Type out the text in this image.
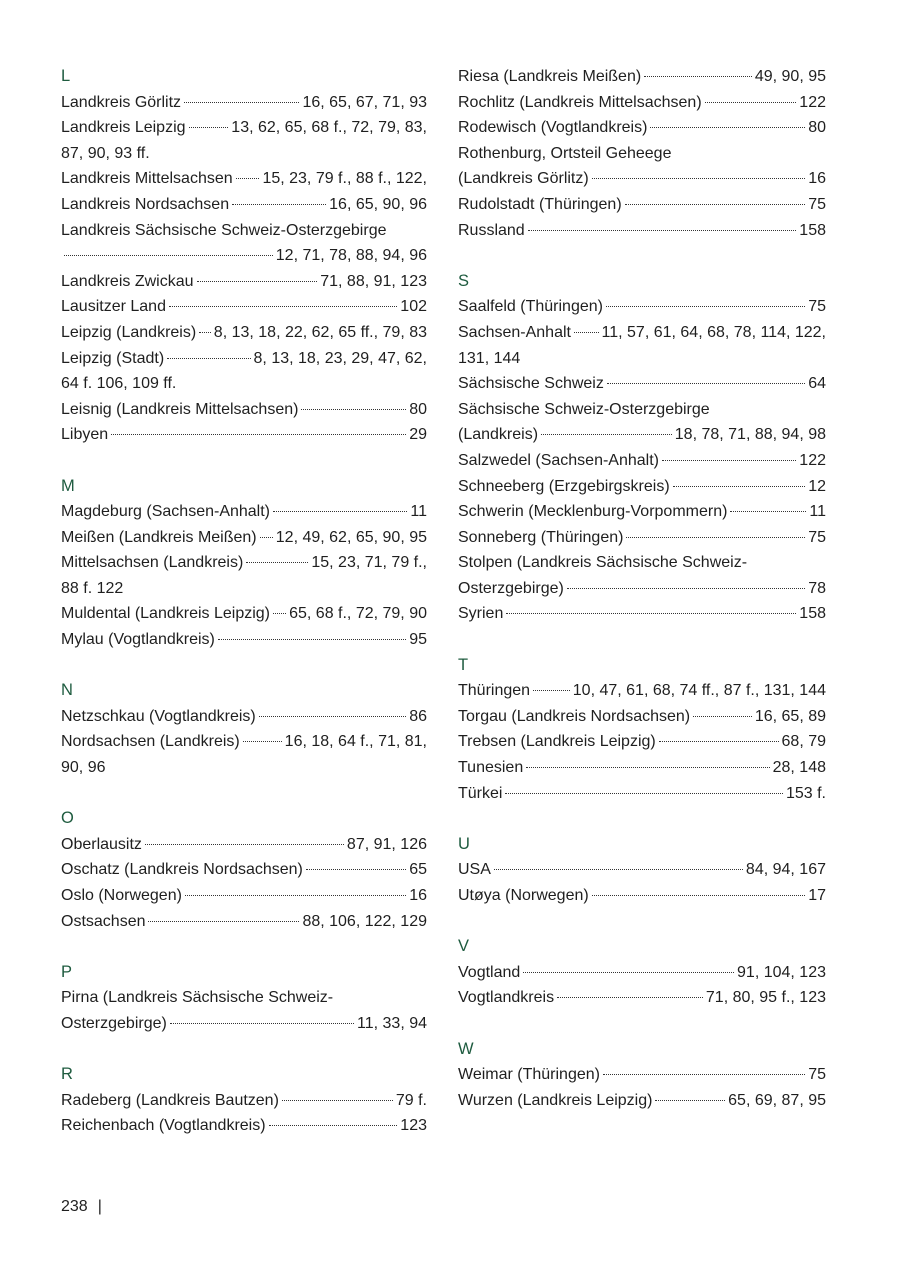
L
Landkreis Görlitz	16, 65, 67, 71, 93
Landkreis Leipzig	13, 62, 65, 68 f., 72, 79, 83,
87, 90, 93 ff.
Landkreis Mittelsachsen 15, 23, 79 f., 88 f., 122,
Landkreis Nordsachsen	16, 65, 90, 96
Landkreis Sächsische Schweiz-Osterzgebirge
12, 71, 78, 88, 94, 96
Landkreis Zwickau	71, 88, 91, 123
Lausitzer Land	102
Leipzig (Landkreis) 8, 13, 18, 22, 62, 65 ff., 79, 83
Leipzig (Stadt)	8, 13, 18, 23, 29, 47, 62,
64 f. 106, 109 ff.
Leisnig (Landkreis Mittelsachsen)	80
Libyen	29
M
Magdeburg (Sachsen-Anhalt)	11
Meißen (Landkreis Meißen) 12, 49, 62, 65, 90, 95
Mittelsachsen (Landkreis)	15, 23, 71, 79 f.,
88 f. 122
Muldental (Landkreis Leipzig) 65, 68 f., 72, 79, 90
Mylau (Vogtlandkreis)	95
N
Netzschkau (Vogtlandkreis)	86
Nordsachsen (Landkreis)	16, 18, 64 f., 71, 81,
90, 96
O
Oberlausitz	87, 91, 126
Oschatz (Landkreis Nordsachsen)	65
Oslo (Norwegen)	16
Ostsachsen	88, 106, 122, 129
P
Pirna (Landkreis Sächsische Schweiz-
Osterzgebirge)	11, 33, 94
R
Radeberg (Landkreis Bautzen)	79 f.
Reichenbach (Vogtlandkreis)	123
Riesa (Landkreis Meißen)	49, 90, 95
Rochlitz (Landkreis Mittelsachsen)	122
Rodewisch (Vogtlandkreis)	80
Rothenburg, Ortsteil Geheege
(Landkreis Görlitz)	16
Rudolstadt (Thüringen)	75
Russland	158
S
Saalfeld (Thüringen)	75
Sachsen-Anhalt 11, 57, 61, 64, 68, 78, 114, 122,
131, 144
Sächsische Schweiz	64
Sächsische Schweiz-Osterzgebirge
(Landkreis)	18, 78, 71, 88, 94, 98
Salzwedel (Sachsen-Anhalt)	122
Schneeberg (Erzgebirgskreis)	12
Schwerin (Mecklenburg-Vorpommern)	11
Sonneberg (Thüringen)	75
Stolpen (Landkreis Sächsische Schweiz-
Osterzgebirge)	78
Syrien	158
T
Thüringen	10, 47, 61, 68, 74 ff., 87 f., 131, 144
Torgau (Landkreis Nordsachsen)	16, 65, 89
Trebsen (Landkreis Leipzig)	68, 79
Tunesien	28, 148
Türkei	153 f.
U
USA	84, 94, 167
Utøya (Norwegen)	17
V
Vogtland	91, 104, 123
Vogtlandkreis	71, 80, 95 f., 123
W
Weimar (Thüringen)	75
Wurzen (Landkreis Leipzig)	65, 69, 87, 95
238 |
